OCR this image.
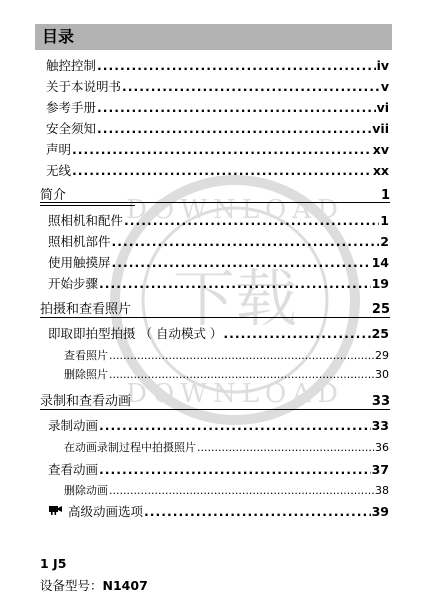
下载
DOWNLOAD
DOWNLOAD
目录
触控控制 .....	iv
关于本说明书 .....	v
参考手册 .....	vi
安全须知 .....	vii
声明 .....	xv
无线 .....	xx
简介	1
照相机和配件 .....	1
照相机部件 .....	2
使用触摸屏 .....	14
开始步骤 .....	19
拍摄和查看照片	25
即取即拍型拍摄 （ 自动模式 ） .....	25
查看照片 .....	29
删除照片 .....	30
录制和查看动画	33
录制动画 .....	33
在动画录制过程中拍摄照片 .....	36
查看动画 .....	37
删除动画 .....	38
高级动画选项 .....	39
1 J5
设备型号：N1407
